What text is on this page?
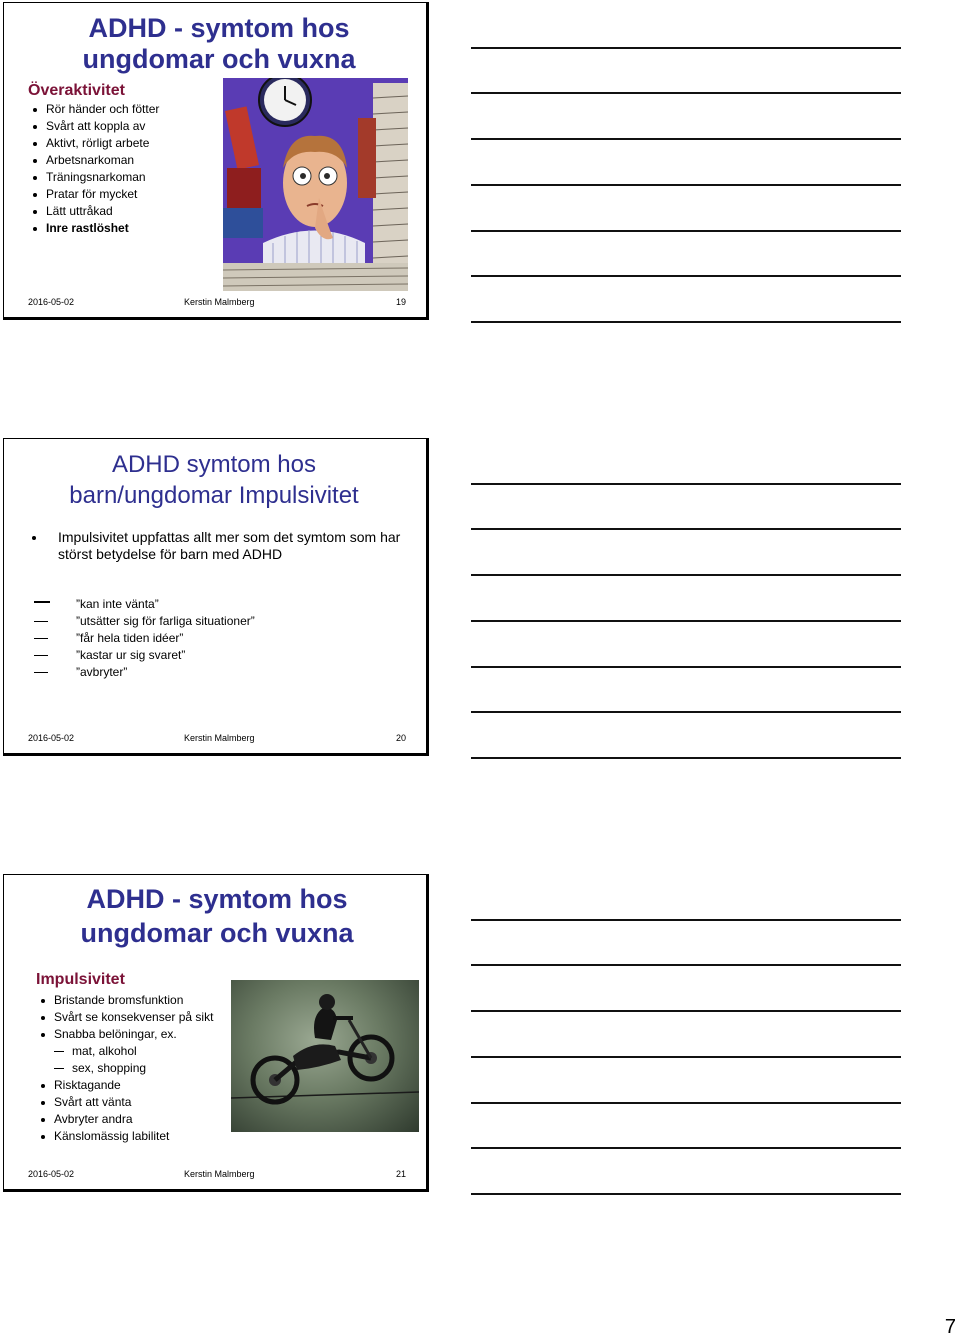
ADHD - symtom hos
ungdomar och vuxna
Överaktivitet
Rör händer och fötter
Svårt att koppla av
Aktivt, rörligt arbete
Arbetsnarkoman
Träningsnarkoman
Pratar för mycket
Lätt uttråkad
Inre rastlöshet
2016-05-02	Kerstin Malmberg	19
ADHD symtom hos
barn/ungdomar Impulsivitet
Impulsivitet uppfattas allt mer som det symtom som har störst betydelse för barn med ADHD
”kan inte vänta”
”utsätter sig för farliga situationer”
”får hela tiden idéer”
”kastar ur sig svaret”
”avbryter”
2016-05-02	Kerstin Malmberg	20
ADHD - symtom hos
ungdomar och vuxna
Impulsivitet
Bristande bromsfunktion
Svårt se konsekvenser på sikt
Snabba belöningar, ex.
mat, alkohol
sex, shopping
Risktagande
Svårt att vänta
Avbryter andra
Känslomässig labilitet
2016-05-02	Kerstin Malmberg	21
7
